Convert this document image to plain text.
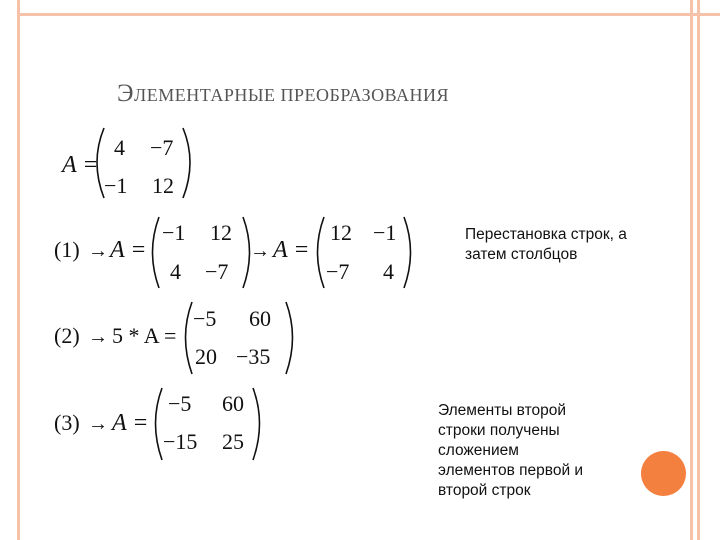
ЭЛЕМЕНТАРНЫЕ ПРЕОБРАЗОВАНИЯ
A =
4 −7
−1 12
(1) → A =
−1 12
4 −7
→ A =
12 −1
−7 4
(2) → 5 * A =
−5 60
20 −35
(3) → A =
−5 60
−15 25
Перестановка строк, а
затем столбцов
Элементы второй
строки получены
сложением
элементов первой и
второй строк
